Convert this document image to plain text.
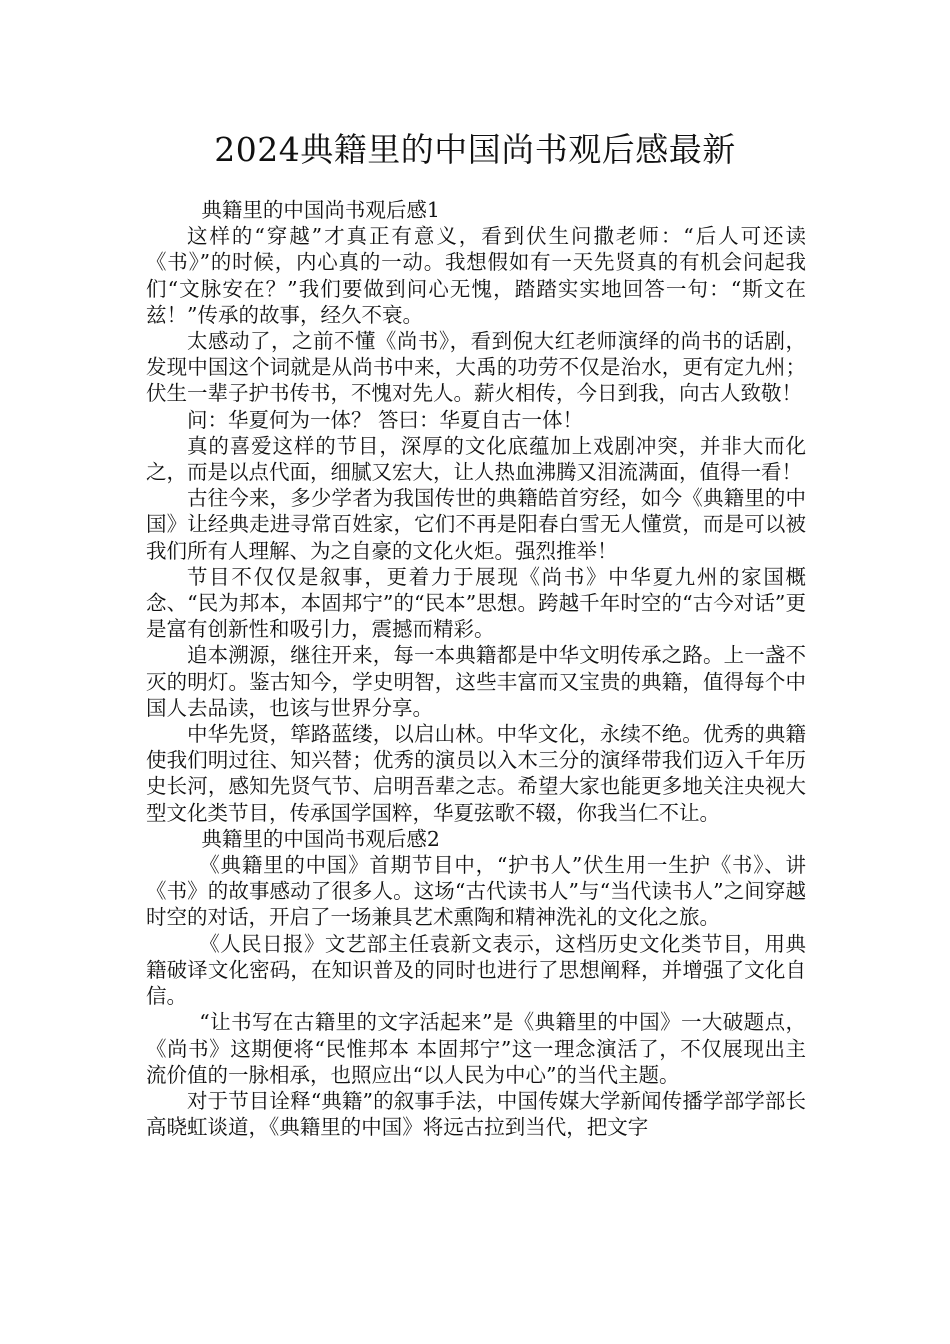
2024典籍里的中国尚书观后感最新

典籍里的中国尚书观后感1

这样的“穿越”才真正有意义，看到伏生问撒老师：“后人可还读《书》”的时候，内心真的一动。我想假如有一天先贤真的有机会问起我们“文脉安在？”我们要做到问心无愧，踏踏实实地回答一句：“斯文在兹！”传承的故事，经久不衰。

太感动了，之前不懂《尚书》，看到倪大红老师演绎的尚书的话剧，发现中国这个词就是从尚书中来，大禹的功劳不仅是治水，更有定九州；伏生一辈子护书传书，不愧对先人。薪火相传，今日到我，向古人致敬！

问：华夏何为一体？ 答曰：华夏自古一体！

真的喜爱这样的节目，深厚的文化底蕴加上戏剧冲突，并非大而化之，而是以点代面，细腻又宏大，让人热血沸腾又泪流满面，值得一看！

古往今来，多少学者为我国传世的典籍皓首穷经，如今《典籍里的中国》让经典走进寻常百姓家，它们不再是阳春白雪无人懂赏，而是可以被我们所有人理解、为之自豪的文化火炬。强烈推举！

节目不仅仅是叙事，更着力于展现《尚书》中华夏九州的家国概念、“民为邦本，本固邦宁”的“民本”思想。跨越千年时空的“古今对话”更是富有创新性和吸引力，震撼而精彩。

追本溯源，继往开来，每一本典籍都是中华文明传承之路。上一盏不灭的明灯。鉴古知今，学史明智，这些丰富而又宝贵的典籍，值得每个中国人去品读，也该与世界分享。

中华先贤，筚路蓝缕，以启山林。中华文化，永续不绝。优秀的典籍使我们明过往、知兴替；优秀的演员以入木三分的演绎带我们迈入千年历史长河，感知先贤气节、启明吾辈之志。希望大家也能更多地关注央视大型文化类节目，传承国学国粹，华夏弦歌不辍，你我当仁不让。

典籍里的中国尚书观后感2

《典籍里的中国》首期节目中，“护书人”伏生用一生护《书》、讲《书》的故事感动了很多人。这场“古代读书人”与“当代读书人”之间穿越时空的对话，开启了一场兼具艺术熏陶和精神洗礼的文化之旅。

《人民日报》文艺部主任袁新文表示，这档历史文化类节目，用典籍破译文化密码，在知识普及的同时也进行了思想阐释，并增强了文化自信。

“让书写在古籍里的文字活起来”是《典籍里的中国》一大破题点，《尚书》这期便将“民惟邦本 本固邦宁”这一理念演活了，不仅展现出主流价值的一脉相承，也照应出“以人民为中心”的当代主题。

对于节目诠释“典籍”的叙事手法，中国传媒大学新闻传播学部学部长高晓虹谈道，《典籍里的中国》将远古拉到当代，把文字
